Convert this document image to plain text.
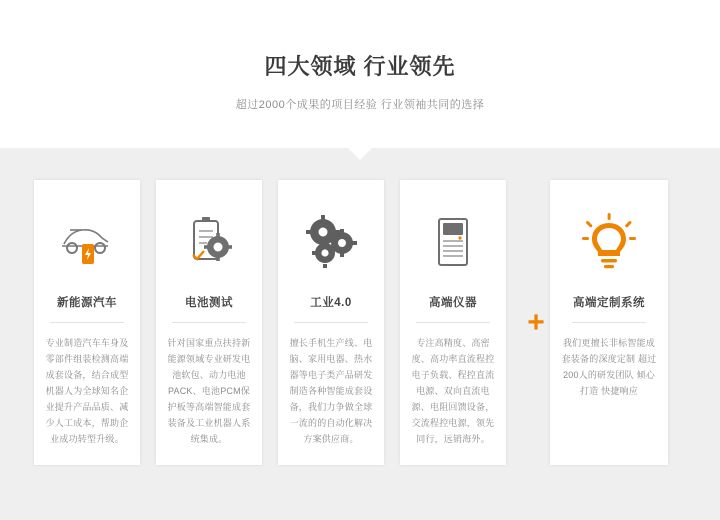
四大领域 行业领先
超过2000个成果的项目经验 行业领袖共同的选择
新能源汽车
专业制造汽车车身及零部件组装检测高端成套设备，结合成型机器人为全球知名企业提升产品品质、减少人工成本，帮助企业成功转型升级。
电池测试
针对国家重点扶持新能源领域专业研发电池软包、动力电池PACK、电池PCM保护板等高端智能成套装备及工业机器人系统集成。
工业4.0
擅长手机生产线、电脑、家用电器、热水器等电子类产品研发制造各种智能成套设备，我们力争做全球一流的的自动化解决方案供应商。
高端仪器
专注高精度、高密度、高功率直流程控电子负载、程控直流电源、双向直流电源、电阻回馈设备，交流程控电源，领先同行，远销海外。
+
?
高端定制系统
我们更擅长非标智能成套装备的深度定制 超过200人的研发团队 倾心打造 快捷响应
